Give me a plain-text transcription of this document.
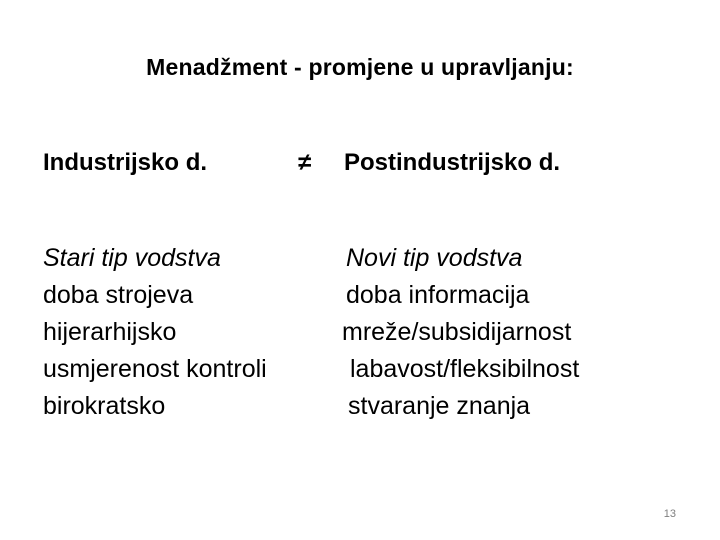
Menadžment - promjene u upravljanju:
Industrijsko d.	≠ Postindustrijsko d.
Stari tip vodstva
doba strojeva
hijerarhijsko
usmjerenost kontroli
birokratsko
Novi tip vodstva
doba informacija
mreže/subsidijarnost
labavost/fleksibilnost
stvaranje znanja
13
